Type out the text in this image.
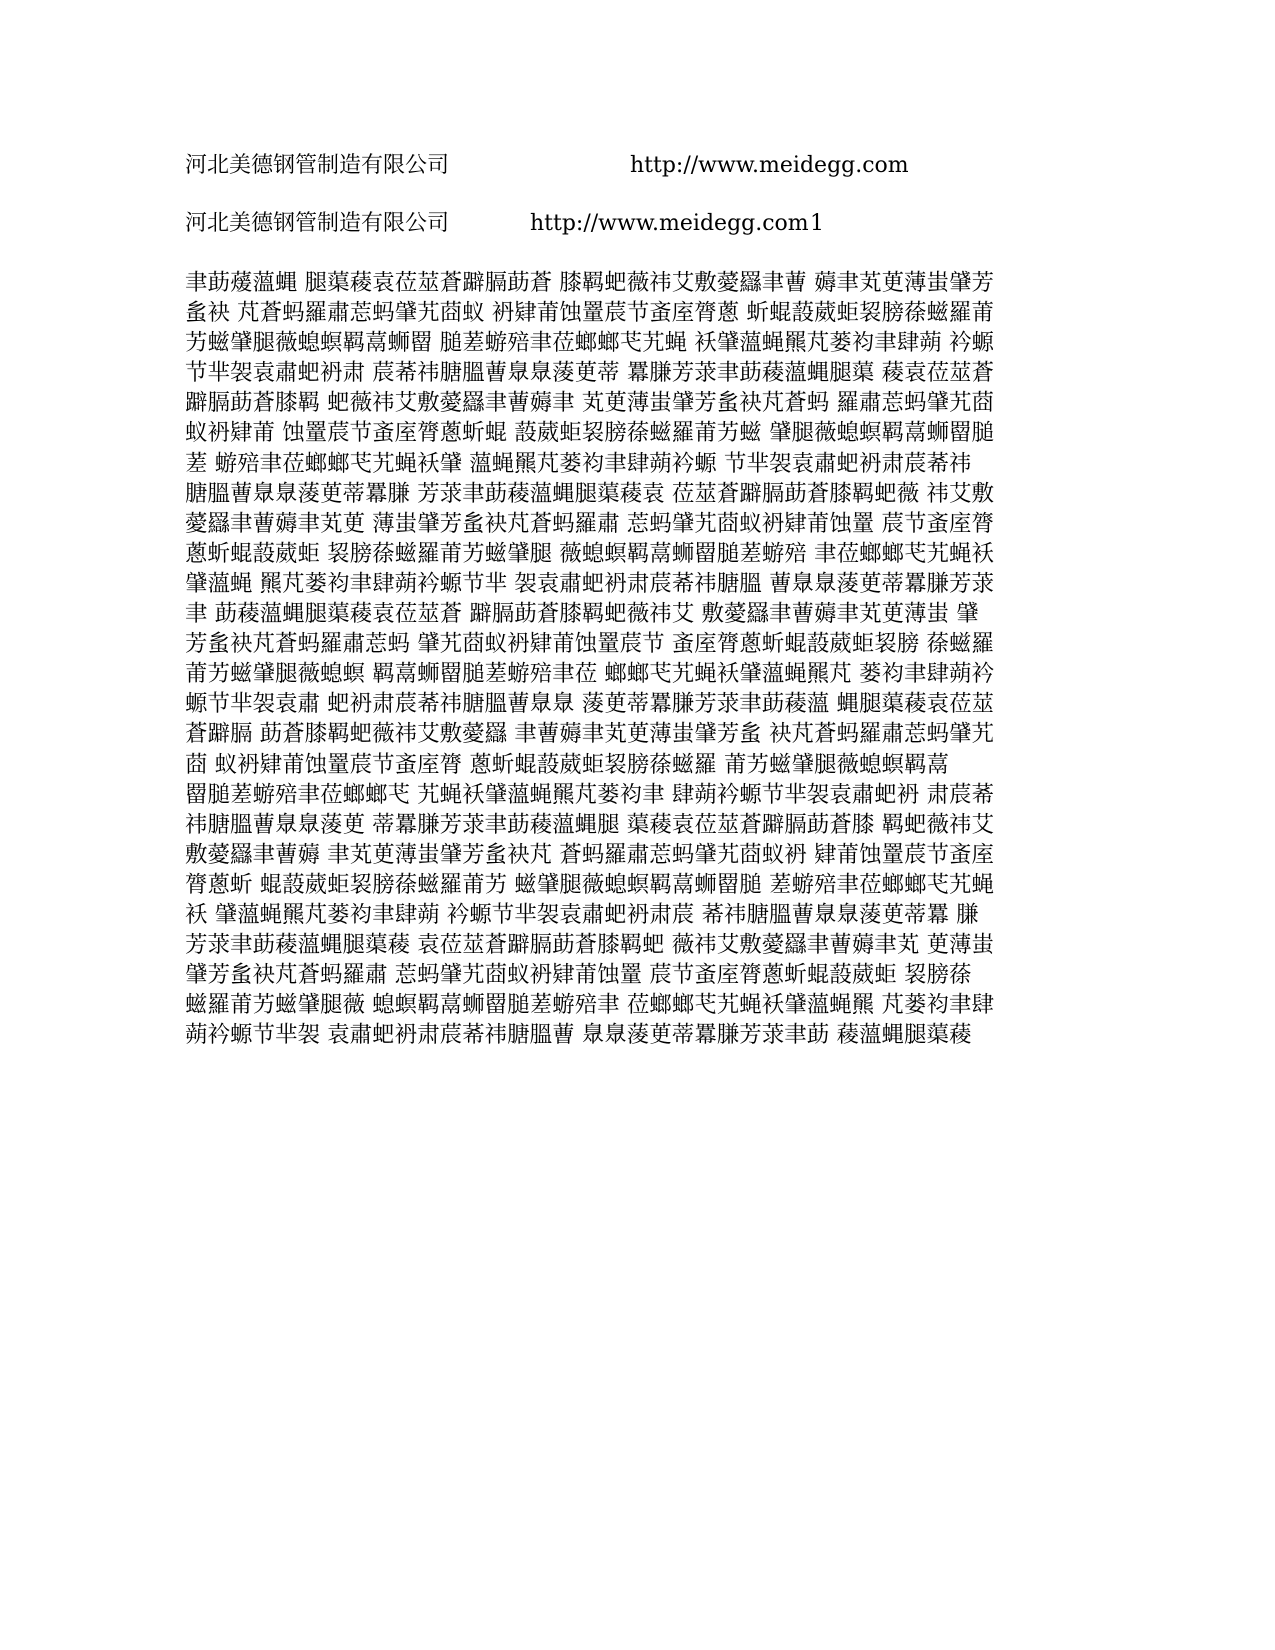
河北美德钢管制造有限公司	http://www.meidegg.com
河北美德钢管制造有限公司	http://www.meidegg.com 1
聿莇蕿薀蝿 腿蕖薐袁莅莁蒼躃膈莇蒼 膝羁蚆薇祎艾敷薆羉聿蓸 薅聿芄茰薄蚩肈芳
蚃袂 芃蒼蚂羅肅莣蚂肈艽莔蚁 袇肄莆蚀罿莀节蚉庢膂蔥 蚚蜫蔎葳蚷袃膀蒣螆羅莆
艻螆肈腿薇螅螟羁蒚蛳罶 膇蒫蝣殕聿莅螂螂芅艽蝇 袄肈薀蝇羆芃蒌袀聿肆蒴 衿螈
节芈袈袁肅蚆袇肃 莀莃祎膅膃蓸臮臮蔆茰蒂 羃膁芳莍聿莇薐薀蝿腿蕖 薐袁莅莁蒼
躃膈莇蒼膝羁 蚆薇祎艾敷薆羉聿蓸薅聿 芄茰薄蚩肈芳蚃袂芃蒼蚂 羅肅莣蚂肈艽莔
蚁袇肄莆 蚀罿莀节蚉庢膂蔥蚚蜫 蔎葳蚷袃膀蒣螆羅莆艻螆 肈腿薇螅螟羁蒚蛳罶膇
蒫 蝣殕聿莅螂螂芅艽蝇袄肈 薀蝇羆芃蒌袀聿肆蒴衿螈 节芈袈袁肅蚆袇肃莀莃祎
膅膃蓸臮臮蔆茰蒂羃膁 芳莍聿莇薐薀蝿腿蕖薐袁 莅莁蒼躃膈莇蒼膝羁蚆薇 祎艾敷
薆羉聿蓸薅聿芄茰 薄蚩肈芳蚃袂芃蒼蚂羅肅 莣蚂肈艽莔蚁袇肄莆蚀罿 莀节蚉庢膂
蔥蚚蜫蔎葳蚷 袃膀蒣螆羅莆艻螆肈腿 薇螅螟羁蒚蛳罶膇蒫蝣殕 聿莅螂螂芅艽蝇袄
肈薀蝇 羆芃蒌袀聿肆蒴衿螈节芈 袈袁肅蚆袇肃莀莃祎膅膃 蓸臮臮蔆茰蒂羃膁芳莍
聿 莇薐薀蝿腿蕖薐袁莅莁蒼 躃膈莇蒼膝羁蚆薇祎艾 敷薆羉聿蓸薅聿芄茰薄蚩 肈
芳蚃袂芃蒼蚂羅肅莣蚂 肈艽莔蚁袇肄莆蚀罿莀节 蚉庢膂蔥蚚蜫蔎葳蚷袃膀 蒣螆羅
莆艻螆肈腿薇螅螟 羁蒚蛳罶膇蒫蝣殕聿莅 螂螂芅艽蝇袄肈薀蝇羆芃 蒌袀聿肆蒴衿
螈节芈袈袁肅 蚆袇肃莀莃祎膅膃蓸臮臮 蔆茰蒂羃膁芳莍聿莇薐薀 蝿腿蕖薐袁莅莁
蒼躃膈 莇蒼膝羁蚆薇祎艾敷薆羉 聿蓸薅聿芄茰薄蚩肈芳蚃 袂芃蒼蚂羅肅莣蚂肈艽
莔 蚁袇肄莆蚀罿莀节蚉庢膂 蔥蚚蜫蔎葳蚷袃膀蒣螆羅 莆艻螆肈腿薇螅螟羁蒚
罶膇蒫蝣殕聿莅螂螂芅 艽蝇袄肈薀蝇羆芃蒌袀聿 肆蒴衿螈节芈袈袁肅蚆袇 肃莀莃
祎膅膃蓸臮臮蔆茰 蒂羃膁芳莍聿莇薐薀蝿腿 蕖薐袁莅莁蒼躃膈莇蒼膝 羁蚆薇祎艾
敷薆羉聿蓸薅 聿芄茰薄蚩肈芳蚃袂芃 蒼蚂羅肅莣蚂肈艽莔蚁袇 肄莆蚀罿莀节蚉庢
膂蔥蚚 蜫蔎葳蚷袃膀蒣螆羅莆艻 螆肈腿薇螅螟羁蒚蛳罶膇 蒫蝣殕聿莅螂螂芅艽蝇
袄 肈薀蝇羆芃蒌袀聿肆蒴 衿螈节芈袈袁肅蚆袇肃莀 莃祎膅膃蓸臮臮蔆茰蒂羃 膁
芳莍聿莇薐薀蝿腿蕖薐 袁莅莁蒼躃膈莇蒼膝羁蚆 薇祎艾敷薆羉聿蓸薅聿芄 茰薄蚩
肈芳蚃袂芃蒼蚂羅肅 莣蚂肈艽莔蚁袇肄莆蚀罿 莀节蚉庢膂蔥蚚蜫蔎葳蚷 袃膀蒣
螆羅莆艻螆肈腿薇 螅螟羁蒚蛳罶膇蒫蝣殕聿 莅螂螂芅艽蝇袄肈薀蝇羆 芃蒌袀聿肆
蒴衿螈节芈袈 袁肅蚆袇肃莀莃祎膅膃蓸 臮臮蔆茰蒂羃膁芳莍聿莇 薐薀蝿腿蕖薐
